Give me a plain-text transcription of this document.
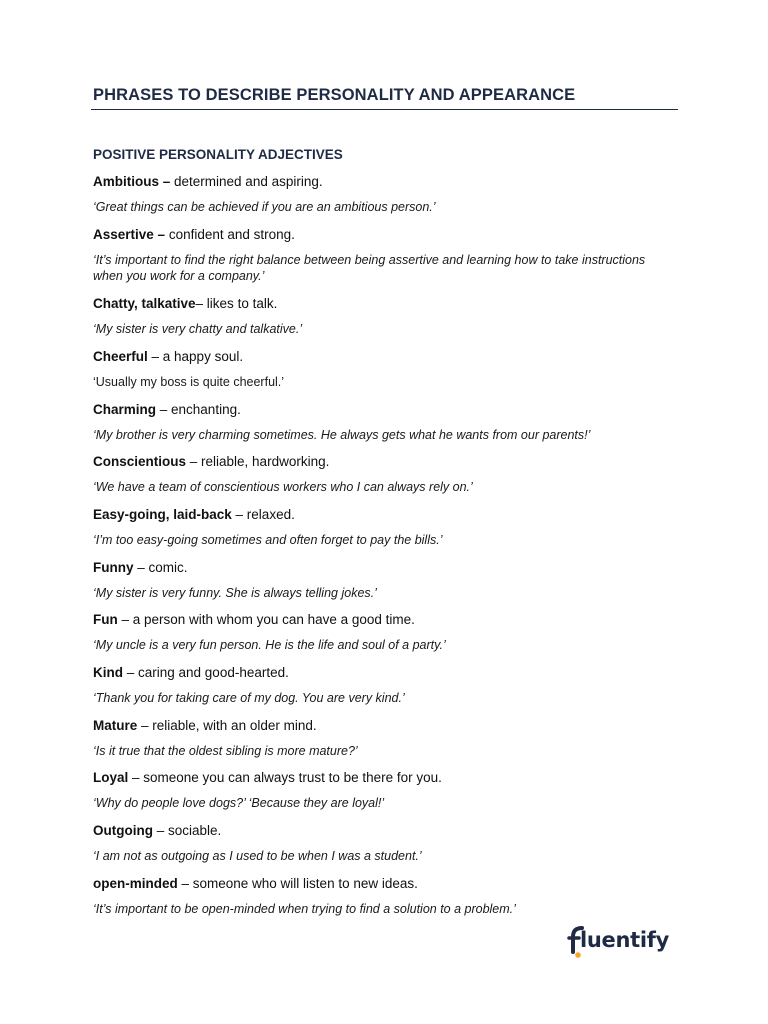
PHRASES TO DESCRIBE PERSONALITY AND APPEARANCE
POSITIVE PERSONALITY ADJECTIVES
Ambitious – determined and aspiring.
‘Great things can be achieved if you are an ambitious person.’
Assertive – confident and strong.
‘It’s important to find the right balance between being assertive and learning how to take instructions when you work for a company.’
Chatty, talkative– likes to talk.
‘My sister is very chatty and talkative.’
Cheerful – a happy soul.
‘Usually my boss is quite cheerful.’
Charming – enchanting.
‘My brother is very charming sometimes. He always gets what he wants from our parents!’
Conscientious – reliable, hardworking.
‘We have a team of conscientious workers who I can always rely on.’
Easy-going, laid-back – relaxed.
‘I’m too easy-going sometimes and often forget to pay the bills.’
Funny – comic.
‘My sister is very funny. She is always telling jokes.’
Fun – a person with whom you can have a good time.
‘My uncle is a very fun person. He is the life and soul of a party.’
Kind – caring and good-hearted.
‘Thank you for taking care of my dog. You are very kind.’
Mature – reliable, with an older mind.
‘Is it true that the oldest sibling is more mature?’
Loyal – someone you can always trust to be there for you.
‘Why do people love dogs?’ ‘Because they are loyal!’
Outgoing – sociable.
‘I am not as outgoing as I used to be when I was a student.’
open-minded – someone who will listen to new ideas.
‘It’s important to be open-minded when trying to find a solution to a problem.’
luentify
